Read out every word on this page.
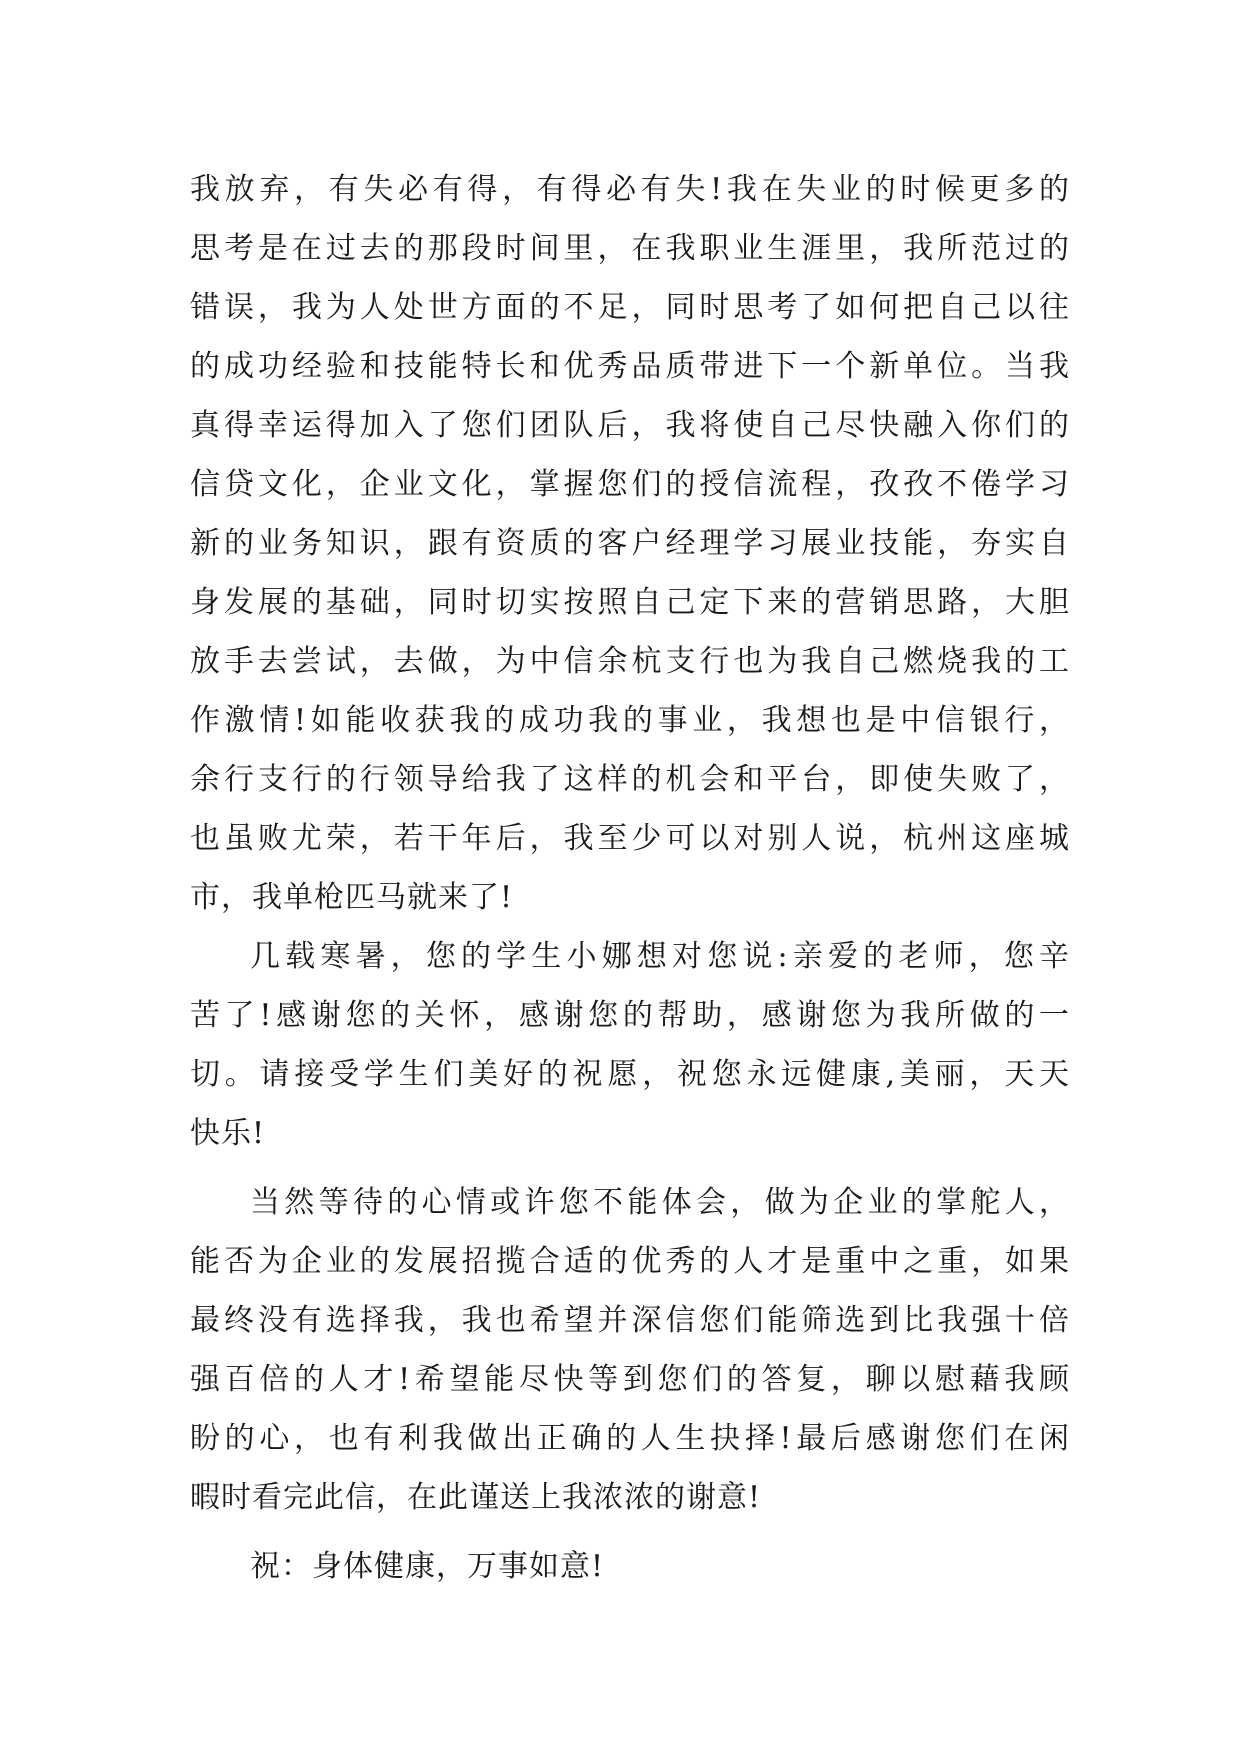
我放弃，有失必有得，有得必有失!我在失业的时候更多的
思考是在过去的那段时间里，在我职业生涯里，我所范过的
错误，我为人处世方面的不足，同时思考了如何把自己以往
的成功经验和技能特长和优秀品质带进下一个新单位。当我
真得幸运得加入了您们团队后，我将使自己尽快融入你们的
信贷文化，企业文化，掌握您们的授信流程，孜孜不倦学习
新的业务知识，跟有资质的客户经理学习展业技能，夯实自
身发展的基础，同时切实按照自己定下来的营销思路，大胆
放手去尝试，去做，为中信余杭支行也为我自己燃烧我的工
作激情!如能收获我的成功我的事业，我想也是中信银行，
余行支行的行领导给我了这样的机会和平台，即使失败了，
也虽败尤荣，若干年后，我至少可以对别人说，杭州这座城
市，我单枪匹马就来了!
几载寒暑，您的学生小娜想对您说:亲爱的老师，您辛
苦了!感谢您的关怀，感谢您的帮助，感谢您为我所做的一
切。请接受学生们美好的祝愿，祝您永远健康,美丽，天天
快乐!
当然等待的心情或许您不能体会，做为企业的掌舵人，
能否为企业的发展招揽合适的优秀的人才是重中之重，如果
最终没有选择我，我也希望并深信您们能筛选到比我强十倍
强百倍的人才!希望能尽快等到您们的答复，聊以慰藉我顾
盼的心，也有利我做出正确的人生抉择!最后感谢您们在闲
暇时看完此信，在此谨送上我浓浓的谢意!
祝：身体健康，万事如意!
